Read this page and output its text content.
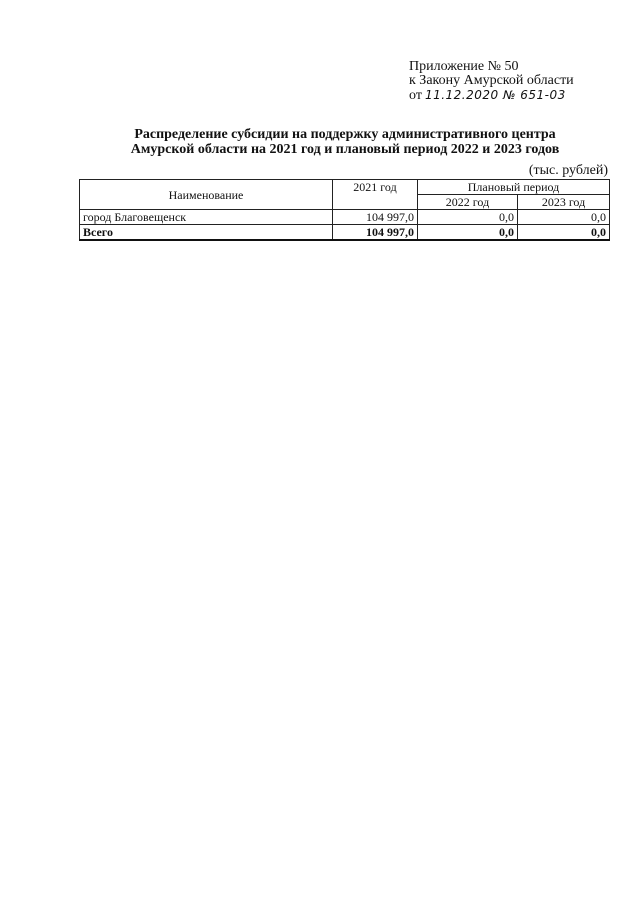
Приложение № 50
к Закону Амурской области
от 11.12.2020 № 651-03
Распределение субсидии на поддержку административного центра
Амурской области на 2021 год и плановый период 2022 и 2023 годов
(тыс. рублей)
Наименование	2021 год	Плановый период	
		2022 год	2023 год
город Благовещенск	104 997,0	0,0	0,0
Всего	104 997,0	0,0	0,0
